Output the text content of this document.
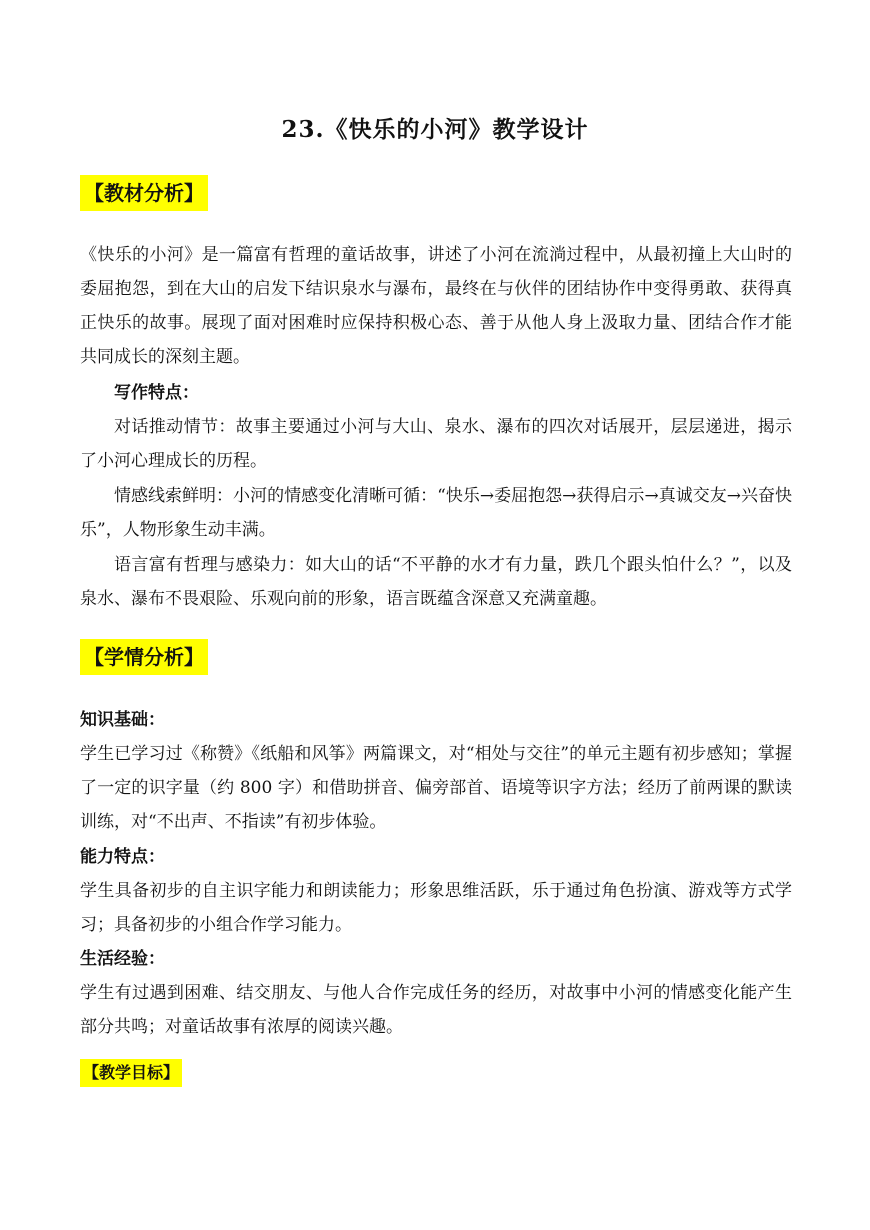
23.《快乐的小河》教学设计
【教材分析】
《快乐的小河》是一篇富有哲理的童话故事，讲述了小河在流淌过程中，从最初撞上大山时的委屈抱怨，到在大山的启发下结识泉水与瀑布，最终在与伙伴的团结协作中变得勇敢、获得真正快乐的故事。展现了面对困难时应保持积极心态、善于从他人身上汲取力量、团结合作才能共同成长的深刻主题。
写作特点：
对话推动情节：故事主要通过小河与大山、泉水、瀑布的四次对话展开，层层递进，揭示了小河心理成长的历程。
情感线索鲜明：小河的情感变化清晰可循：“快乐→委屈抱怨→获得启示→真诚交友→兴奋快乐”，人物形象生动丰满。
语言富有哲理与感染力：如大山的话“不平静的水才有力量，跌几个跟头怕什么？”，以及泉水、瀑布不畏艰险、乐观向前的形象，语言既蕴含深意又充满童趣。
【学情分析】
知识基础：
学生已学习过《称赞》《纸船和风筝》两篇课文，对“相处与交往”的单元主题有初步感知；掌握了一定的识字量（约 800 字）和借助拼音、偏旁部首、语境等识字方法；经历了前两课的默读训练，对“不出声、不指读”有初步体验。
能力特点：
学生具备初步的自主识字能力和朗读能力；形象思维活跃，乐于通过角色扮演、游戏等方式学习；具备初步的小组合作学习能力。
生活经验：
学生有过遇到困难、结交朋友、与他人合作完成任务的经历，对故事中小河的情感变化能产生部分共鸣；对童话故事有浓厚的阅读兴趣。
【教学目标】
